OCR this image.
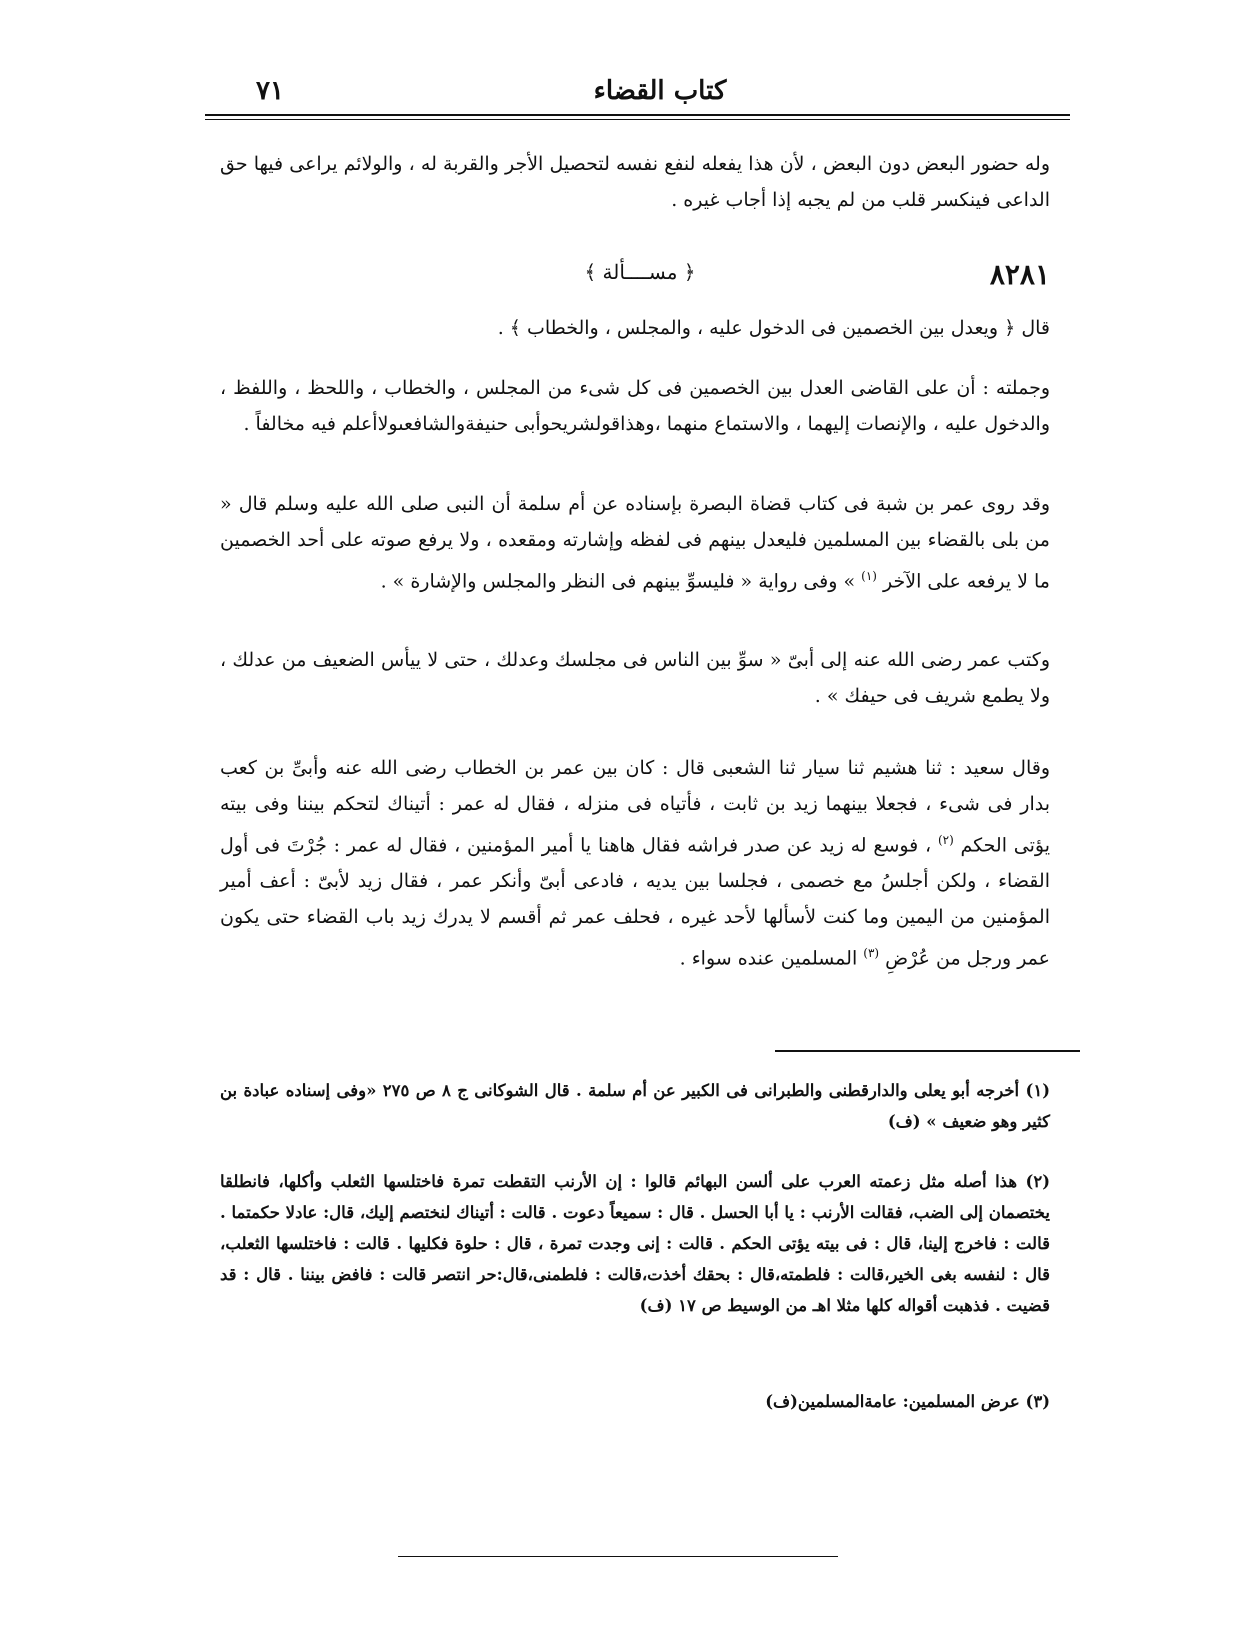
كتاب القضاء
٧١

وله حضور البعض دون البعض ، لأن هذا يفعله لنفع نفسه لتحصيل الأجر والقربة له ، والولائم يراعى فيها حق الداعى فينكسر قلب من لم يجبه إذا أجاب غيره .

٨٢٨١
﴿ مســــألة ﴾

قال ﴿ ويعدل بين الخصمين فى الدخول عليه ، والمجلس ، والخطاب ﴾ .

وجملته : أن على القاضى العدل بين الخصمين فى كل شىء من المجلس ، والخطاب ، واللحظ ، واللفظ ، والدخول عليه ، والإنصات إليهما ، والاستماع منهما ،وهذاقولشريحوأبى حنيفةوالشافعىولاأعلم فيه مخالفاً .

وقد روى عمر بن شبة فى كتاب قضاة البصرة بإسناده عن أم سلمة أن النبى صلى الله عليه وسلم قال « من بلى بالقضاء بين المسلمين فليعدل بينهم فى لفظه وإشارته ومقعده ، ولا يرفع صوته على أحد الخصمين ما لا يرفعه على الآخر $^{(١)}$ » وفى رواية « فليسوِّ بينهم فى النظر والمجلس والإشارة » .

وكتب عمر رضى الله عنه إلى أبىّ « سوِّ بين الناس فى مجلسك وعدلك ، حتى لا ييأس الضعيف من عدلك ، ولا يطمع شريف فى حيفك » .

وقال سعيد : ثنا هشيم ثنا سيار ثنا الشعبى قال : كان بين عمر بن الخطاب رضى الله عنه وأبىِّ بن كعب بدار فى شىء ، فجعلا بينهما زيد بن ثابت ، فأتياه فى منزله ، فقال له عمر : أتيناك لتحكم بيننا وفى بيته يؤتى الحكم $^{(٢)}$ ، فوسع له زيد عن صدر فراشه فقال هاهنا يا أمير المؤمنين ، فقال له عمر : جُرْتَ فى أول القضاء ، ولكن أجلسُ مع خصمى ، فجلسا بين يديه ، فادعى أبىّ وأنكر عمر ، فقال زيد لأبىّ : أعف أمير المؤمنين من اليمين وما كنت لأسألها لأحد غيره ، فحلف عمر ثم أقسم لا يدرك زيد باب القضاء حتى يكون عمر ورجل من عُرْضِ $^{(٣)}$ المسلمين عنده سواء .

(١) أخرجه أبو يعلى والدارقطنى والطبرانى فى الكبير عن أم سلمة . قال الشوكانى ج ٨ ص ٢٧٥ «وفى إسناده عبادة بن كثير وهو ضعيف » (ف)

(٢) هذا أصله مثل زعمته العرب على ألسن البهائم قالوا : إن الأرنب التقطت تمرة فاختلسها الثعلب وأكلها، فانطلقا يختصمان إلى الضب، فقالت الأرنب : يا أبا الحسل . قال : سميعاً دعوت . قالت : أتيناك لنختصم إليك، قال: عادلا حكمتما . قالت : فاخرج إلينا، قال : فى بيته يؤتى الحكم . قالت : إنى وجدت تمرة ، قال : حلوة فكليها . قالت : فاختلسها الثعلب، قال : لنفسه بغى الخير،قالت : فلطمته،قال : بحقك أخذت،قالت : فلطمنى،قال:حر انتصر قالت : فافض بيننا . قال : قد قضيت . فذهبت أقواله كلها مثلا اهـ من الوسيط ص ١٧ (ف)

(٣) عرض المسلمين: عامةالمسلمين(ف)
